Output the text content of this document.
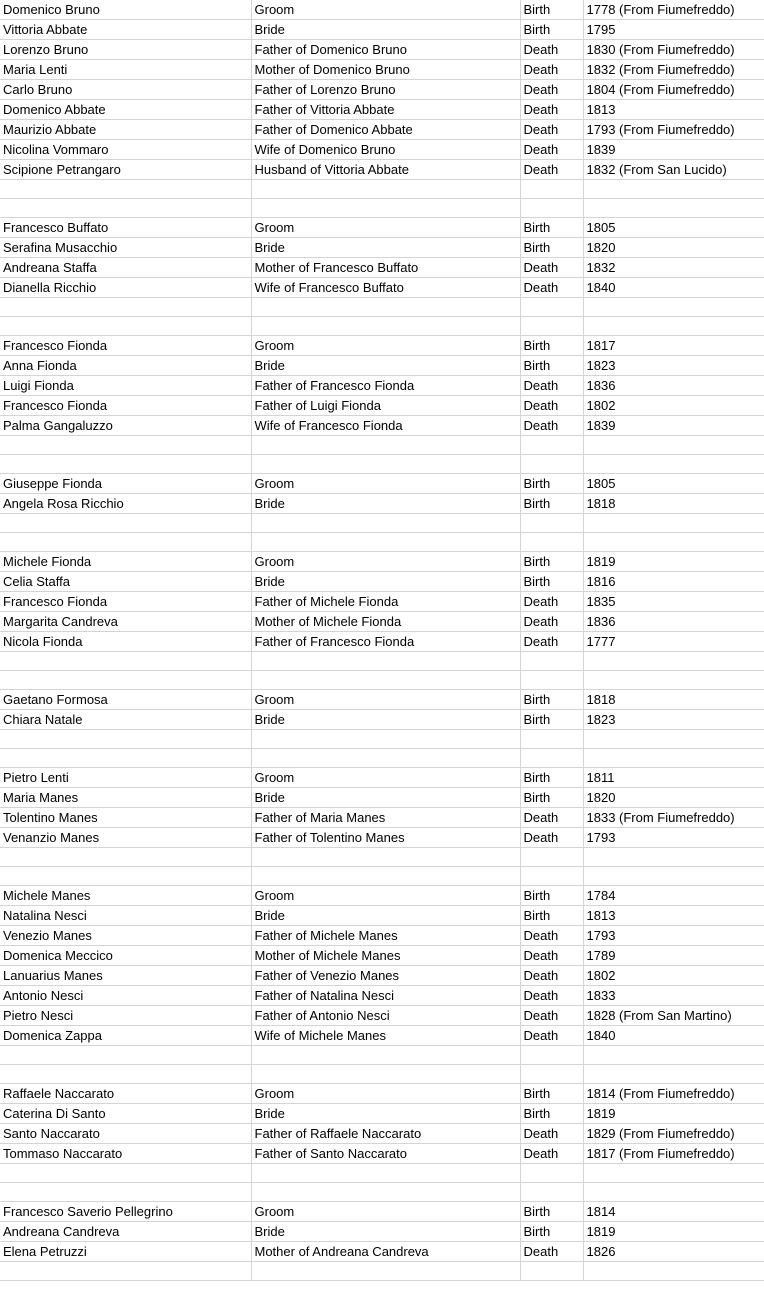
Domenico Bruno	Groom	Birth	1778 (From Fiumefreddo)
Vittoria Abbate	Bride	Birth	1795
Lorenzo Bruno	Father of Domenico Bruno	Death	1830 (From Fiumefreddo)
Maria Lenti	Mother of Domenico Bruno	Death	1832 (From Fiumefreddo)
Carlo Bruno	Father of Lorenzo Bruno	Death	1804 (From Fiumefreddo)
Domenico Abbate	Father of Vittoria Abbate	Death	1813
Maurizio Abbate	Father of Domenico Abbate	Death	1793 (From Fiumefreddo)
Nicolina Vommaro	Wife of Domenico Bruno	Death	1839
Scipione Petrangaro	Husband of Vittoria Abbate	Death	1832 (From San Lucido)

Francesco Buffato	Groom	Birth	1805
Serafina Musacchio	Bride	Birth	1820
Andreana Staffa	Mother of Francesco Buffato	Death	1832
Dianella Ricchio	Wife of Francesco Buffato	Death	1840

Francesco Fionda	Groom	Birth	1817
Anna Fionda	Bride	Birth	1823
Luigi Fionda	Father of Francesco Fionda	Death	1836
Francesco Fionda	Father of Luigi Fionda	Death	1802
Palma Gangaluzzo	Wife of Francesco Fionda	Death	1839

Giuseppe Fionda	Groom	Birth	1805
Angela Rosa Ricchio	Bride	Birth	1818

Michele Fionda	Groom	Birth	1819
Celia Staffa	Bride	Birth	1816
Francesco Fionda	Father of Michele Fionda	Death	1835
Margarita Candreva	Mother of Michele Fionda	Death	1836
Nicola Fionda	Father of Francesco Fionda	Death	1777

Gaetano Formosa	Groom	Birth	1818
Chiara Natale	Bride	Birth	1823

Pietro Lenti	Groom	Birth	1811
Maria Manes	Bride	Birth	1820
Tolentino Manes	Father of Maria Manes	Death	1833 (From Fiumefreddo)
Venanzio Manes	Father of Tolentino Manes	Death	1793

Michele Manes	Groom	Birth	1784
Natalina Nesci	Bride	Birth	1813
Venezio Manes	Father of Michele Manes	Death	1793
Domenica Meccico	Mother of Michele Manes	Death	1789
Lanuarius Manes	Father of Venezio Manes	Death	1802
Antonio Nesci	Father of Natalina Nesci	Death	1833
Pietro Nesci	Father of Antonio Nesci	Death	1828 (From San Martino)
Domenica Zappa	Wife of Michele Manes	Death	1840

Raffaele Naccarato	Groom	Birth	1814 (From Fiumefreddo)
Caterina Di Santo	Bride	Birth	1819
Santo Naccarato	Father of Raffaele Naccarato	Death	1829 (From Fiumefreddo)
Tommaso Naccarato	Father of Santo Naccarato	Death	1817 (From Fiumefreddo)

Francesco Saverio Pellegrino	Groom	Birth	1814
Andreana Candreva	Bride	Birth	1819
Elena Petruzzi	Mother of Andreana Candreva	Death	1826
